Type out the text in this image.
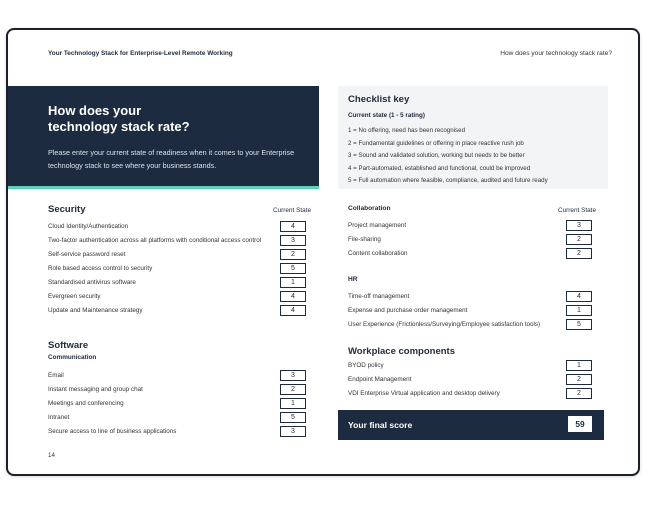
Your Technology Stack for Enterprise-Level Remote Working	How does your technology stack rate?
How does your
technology stack rate?
Please enter your current state of readiness when it comes to your Enterprise technology stack to see where your business stands.
Checklist key
Current state (1 - 5 rating)
1 = No offering, need has been recognised
2 = Fundamental guidelines or offering in place reactive rush job
3 = Sound and validated solution, working but needs to be better
4 = Part-automated, established and functional, could be improved
5 = Full automation where feasible, compliance, audited and future ready
Security	Current State
Cloud Identity/Authentication	4
Two-factor authentication across all platforms with conditional access control	3
Self-service password reset	2
Role based access control to security	5
Standardised antivirus software	1
Evergreen security	4
Update and Maintenance strategy	4
Software
Communication
Email	3
Instant messaging and group chat	2
Meetings and conferencing	1
Intranet	5
Secure access to line of business applications	3
Collaboration	Current State
Project management	3
File-sharing	2
Content collaboration	2
HR
Time-off management	4
Expense and purchase order management	1
User Experience (Frictionless/Surveying/Employee satisfaction tools)	5
Workplace components
BYOD policy	1
Endpoint Management	2
VDI Enterprise Virtual application and desktop delivery	2
Your final score	59
14
